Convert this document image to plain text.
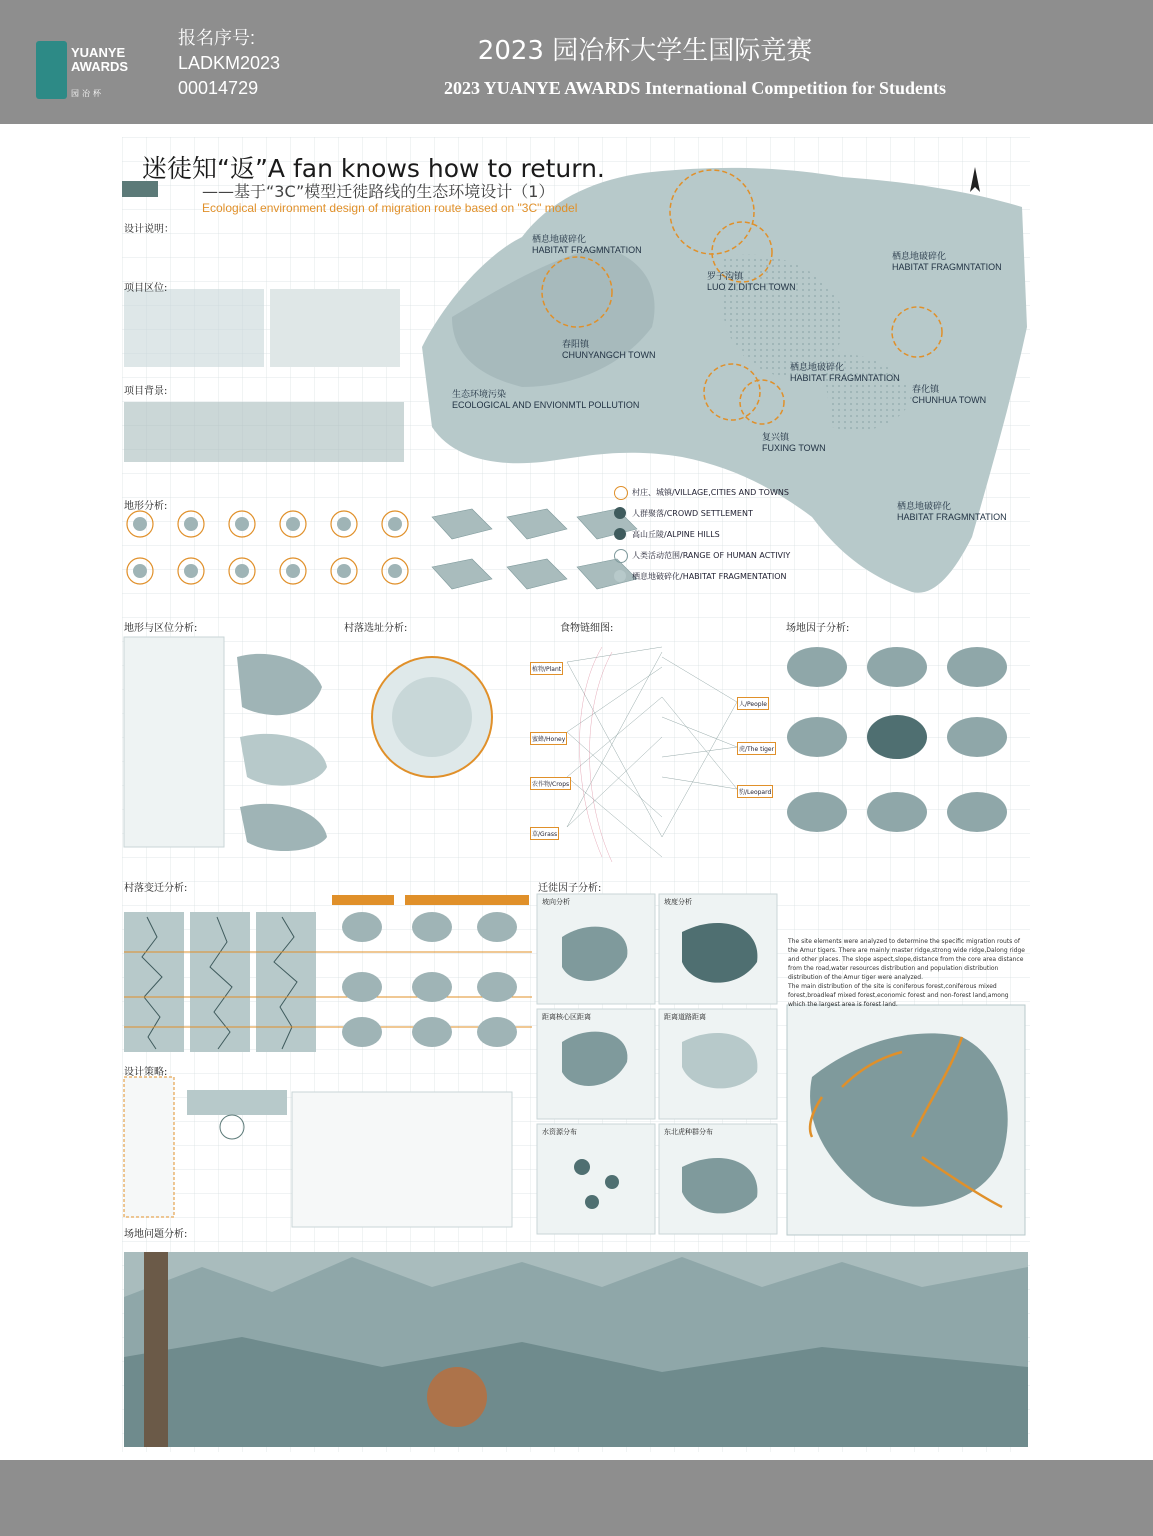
YUANYE
AWARDS
园冶杯
报名序号:
LADKM2023
00014729
2023 园冶杯大学生国际竞赛
2023 YUANYE AWARDS International Competition for Students
迷徒知“返”A fan knows how to return.
——基于“3C”模型迁徙路线的生态环境设计（1）
Ecological environment design of migration route based on "3C" model
设计说明：
项目区位:
项目背景:
地形分析:
地形与区位分析:	村落选址分析:	食物链细图:	场地因子分析:
村落变迁分析:	迁徙因子分析:
设计策略:
场地问题分析:
栖息地破碎化
HABITAT FRAGMNTATION
栖息地破碎化
HABITAT FRAGMNTATION
栖息地破碎化
HABITAT FRAGMNTATION
栖息地破碎化
HABITAT FRAGMNTATION
罗子沟镇
LUO ZI DITCH TOWN
春阳镇
CHUNYANGCH TOWN
春化镇
CHUNHUA TOWN
复兴镇
FUXING TOWN
生态环境污染
ECOLOGICAL AND ENVIONMTL POLLUTION
村庄、城镇/VILLAGE,CITIES AND TOWNS
人群聚落/CROWD SETTLEMENT
高山丘陵/ALPINE HILLS
人类活动范围/RANGE OF HUMAN ACTIVIY
栖息地破碎化/HABITAT FRAGMENTATION
坡向分析	坡度分析
距离核心区距离	距离道路距离
水资源分布	东北虎种群分布
植物/Plant
蜜蜂/Honey
农作物/Crops
草/Grass
人/People
虎/The tiger
豹/Leopard
The site elements were analyzed to determine the specific migration routs of the Amur tigers. There are mainly master ridge,strong wide ridge,Dalong ridge and other places. The slope aspect,slope,distance from the core area distance from the road,water resources distribution and population distribution distribution of the Amur tiger were analyzed.
The main distribution of the site is coniferous forest,coniferous mixed forest,broadleaf mixed forest,economic forest and non-forest land,among which the largest area is forest land.
